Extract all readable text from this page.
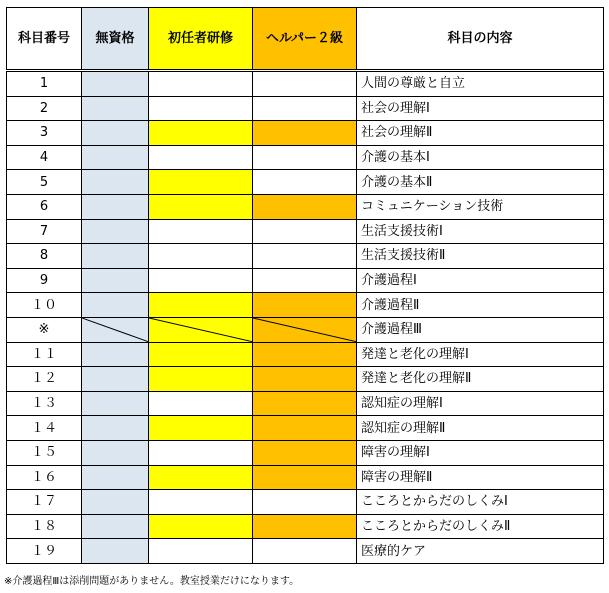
科目番号	無資格	初任者研修	ヘルパー２級	科目の内容
1				人間の尊厳と自立
2				社会の理解Ⅰ
3				社会の理解Ⅱ
4				介護の基本Ⅰ
5				介護の基本Ⅱ
6				コミュニケーション技術
7				生活支援技術Ⅰ
8				生活支援技術Ⅱ
9				介護過程Ⅰ
１０				介護過程Ⅱ
※				介護過程Ⅲ
１１				発達と老化の理解Ⅰ
１２				発達と老化の理解Ⅱ
１３				認知症の理解Ⅰ
１４				認知症の理解Ⅱ
１５				障害の理解Ⅰ
１６				障害の理解Ⅱ
１７				こころとからだのしくみⅠ
１８				こころとからだのしくみⅡ
１９				医療的ケア
※介護過程Ⅲは添削問題がありません。教室授業だけになります。
